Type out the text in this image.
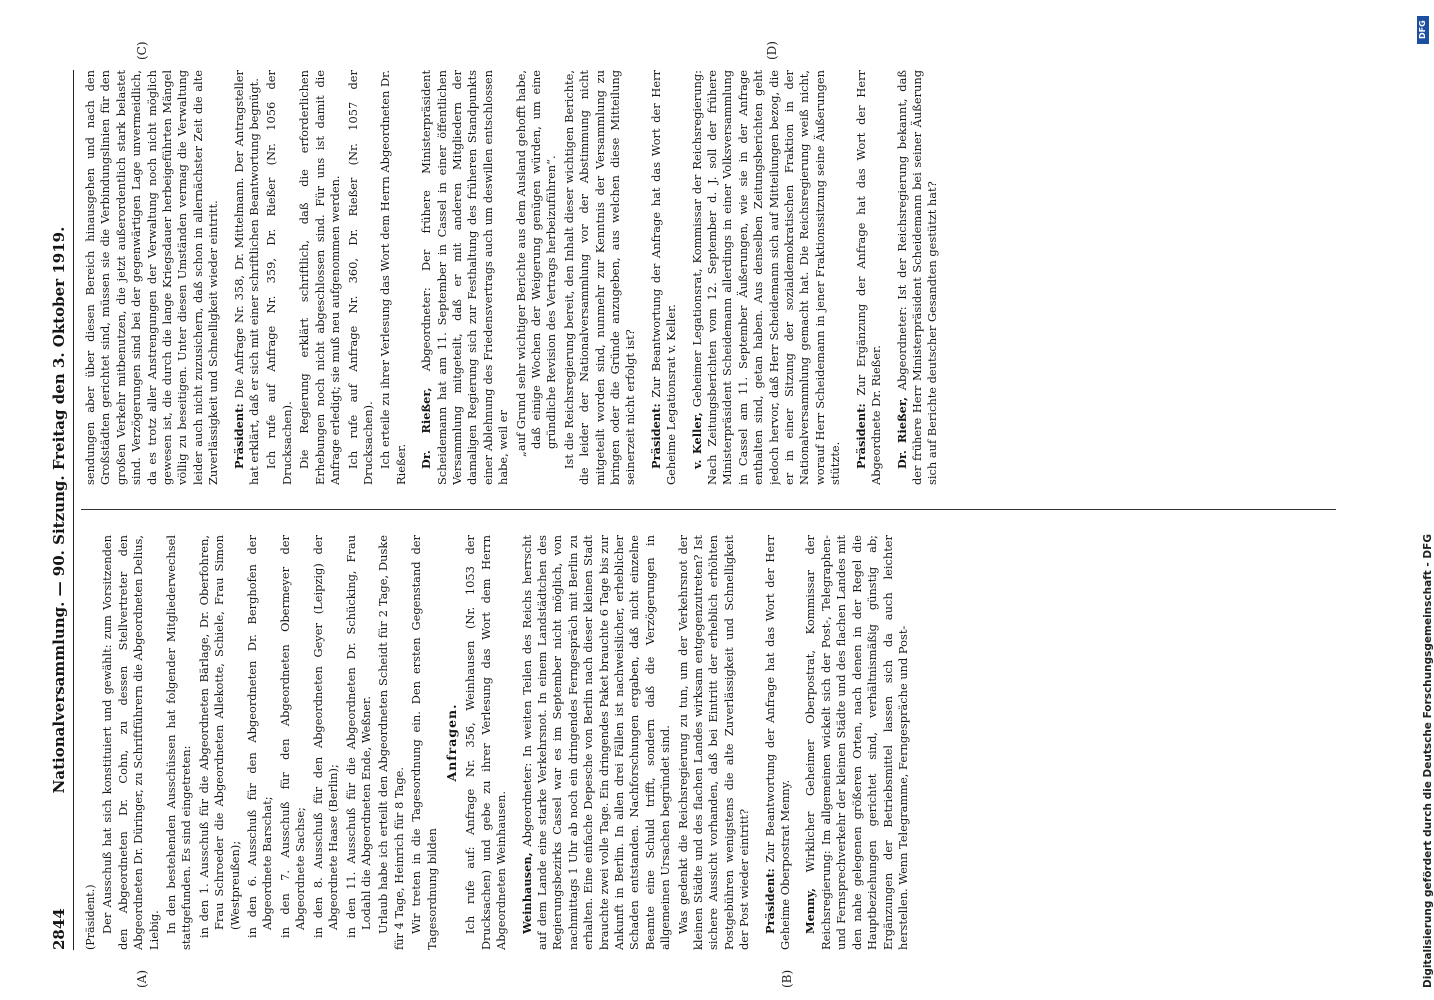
2844
Nationalversammlung. — 90. Sitzung. Freitag den 3. Oktober 1919.
(Präsident.) Der Ausschuß hat sich konstituiert und gewählt: zum Vorsitzenden den Abgeordneten Dr. Cohn, zu dessen Stellvertreter den Abgeordneten Dr. Düringer, zu Schriftführern die Abgeordneten Delius, Liebig. In den bestehenden Ausschüssen hat folgender Mitgliederwechsel stattgefunden. Es sind eingetreten: in den 1. Ausschuß für die Abgeordneten Bärlage, Dr. Oberfohren, Frau Schroeder die Abgeordneten Allekotte, Schiele, Frau Simon (Westpreußen); in den 6. Ausschuß für den Abgeordneten Dr. Berghofen der Abgeordnete Barschat; in den 7. Ausschuß für den Abgeordneten Obermeyer der Abgeordnete Sachse; in den 8. Ausschuß für den Abgeordneten Geyer (Leipzig) der Abgeordnete Haase (Berlin); in den 11. Ausschuß für die Abgeordneten Dr. Schücking, Frau Lodahl die Abgeordneten Ende, Weßner. Urlaub habe ich erteilt den Abgeordneten Scheidt für 2 Tage, Duske für 4 Tage, Heinrich für 8 Tage. Wir treten in die Tagesordnung ein. Den ersten Gegenstand der Tagesordnung bilden

Anfragen. Ich rufe auf: Anfrage Nr. 356, Weinhausen (Nr. 1053 der Drucksachen) und gebe zu ihrer Verlesung das Wort dem Herrn Abgeordneten Weinhausen. Weinhausen, Abgeordneter: In weiten Teilen des Reichs herrscht auf dem Lande eine starke Verkehrsnot. In einem Landstädtchen des Regierungsbezirks Cassel war es im September nicht möglich, von nachmittags 1 Uhr ab noch ein dringendes Ferngespräch mit Berlin zu erhalten. Eine einfache Depesche von Berlin nach dieser kleinen Stadt brauchte zwei volle Tage. Ein dringendes Paket brauchte 6 Tage bis zur Ankunft in Berlin. In allen drei Fällen ist nachweislicher, erheblicher Schaden entstanden. Nachforschungen ergaben, daß nicht einzelne Beamte eine Schuld trifft, sondern daß die Verzögerungen in allgemeinen Ursachen begründet sind. Was gedenkt die Reichsregierung zu tun, um der Verkehrsnot der kleinen Städte und des flachen Landes wirksam entgegenzutreten? Ist sichere Aussicht vorhanden, daß bei Eintritt der erheblich erhöhten Postgebühren wenigstens die alte Zuverlässigkeit und Schnelligkeit der Post wieder eintritt? Präsident: Zur Beantwortung der Anfrage hat das Wort der Herr Geheime Oberpostrat Menny. Menny, Wirklicher Geheimer Oberpostrat, Kommissar der Reichsregierung: Im allgemeinen wickelt sich der Post-, Telegraphen- und Fernsprechverkehr der kleinen Städte und des flachen Landes mit den nahe gelegenen größeren Orten, nach denen in der Regel die Hauptbeziehungen gerichtet sind, verhältnismäßig günstig ab; Ergänzungen der Betriebsmittel lassen sich da auch leichter herstellen. Wenn Telegramme, Ferngespräche und Post-

sendungen aber über diesen Bereich hinausgehen und nach den Großstädten gerichtet sind, müssen sie die Verbindungslinien für den großen Verkehr mitbenutzen, die jetzt außerordentlich stark belastet sind. Verzögerungen sind bei der gegenwärtigen Lage unvermeidlich, da es trotz aller Anstrengungen der Verwaltung noch nicht möglich gewesen ist, die durch die lange Kriegsdauer herbeigeführten Mängel völlig zu beseitigen. Unter diesen Umständen vermag die Verwaltung leider auch nicht zuzusichern, daß schon in allernächster Zeit die alte Zuverlässigkeit und Schnelligkeit wieder eintritt. Präsident: Die Anfrage Nr. 358, Dr. Mittelmann. Der Antragsteller hat erklärt, daß er sich mit einer schriftlichen Beantwortung begnügt. Ich rufe auf Anfrage Nr. 359, Dr. Rießer (Nr. 1056 der Drucksachen). Die Regierung erklärt schriftlich, daß die erforderlichen Erhebungen noch nicht abgeschlossen sind. Für uns ist damit die Anfrage erledigt; sie muß neu aufgenommen werden. Ich rufe auf Anfrage Nr. 360, Dr. Rießer (Nr. 1057 der Drucksachen). Ich erteile zu ihrer Verlesung das Wort dem Herrn Abgeordneten Dr. Rießer. Dr. Rießer, Abgeordneter: Der frühere Ministerpräsident Scheidemann hat am 11. September in Cassel in einer öffentlichen Versammlung mitgeteilt, daß er mit anderen Mitgliedern der damaligen Regierung sich zur Festhaltung des früheren Standpunkts einer Ablehnung des Friedensvertrags auch um deswillen entschlossen habe, weil er „auf Grund sehr wichtiger Berichte aus dem Ausland gehofft habe, daß einige Wochen der Weigerung genügen würden, um eine gründliche Revision des Vertrags herbeizuführen“. Ist die Reichsregierung bereit, den Inhalt dieser wichtigen Berichte, die leider der Nationalversammlung vor der Abstimmung nicht mitgeteilt worden sind, nunmehr zur Kenntnis der Versammlung zu bringen oder die Gründe anzugeben, aus welchen diese Mitteilung seinerzeit nicht erfolgt ist? Präsident: Zur Beantwortung der Anfrage hat das Wort der Herr Geheime Legationsrat v. Keller. v. Keller, Geheimer Legationsrat, Kommissar der Reichsregierung: Nach Zeitungsberichten vom 12. September d. J. soll der frühere Ministerpräsident Scheidemann allerdings in einer Volksversammlung in Cassel am 11. September Äußerungen, wie sie in der Anfrage enthalten sind, getan haben. Aus denselben Zeitungsberichten geht jedoch hervor, daß Herr Scheidemann sich auf Mitteilungen bezog, die er in einer Sitzung der sozialdemokratischen Fraktion in der Nationalversammlung gemacht hat. Die Reichsregierung weiß nicht, worauf Herr Scheidemann in jener Fraktionssitzung seine Äußerungen stützte. Präsident: Zur Ergänzung der Anfrage hat das Wort der Herr Abgeordnete Dr. Rießer. Dr. Rießer, Abgeordneter: Ist der Reichsregierung bekannt, daß der frühere Herr Ministerpräsident Scheidemann bei seiner Äußerung sich auf Berichte deutscher Gesandten gestützt hat?

(A)	(B)
(C)	(D)
DFG
Digitalisierung gefördert durch die Deutsche Forschungsgemeinschaft - DFG
